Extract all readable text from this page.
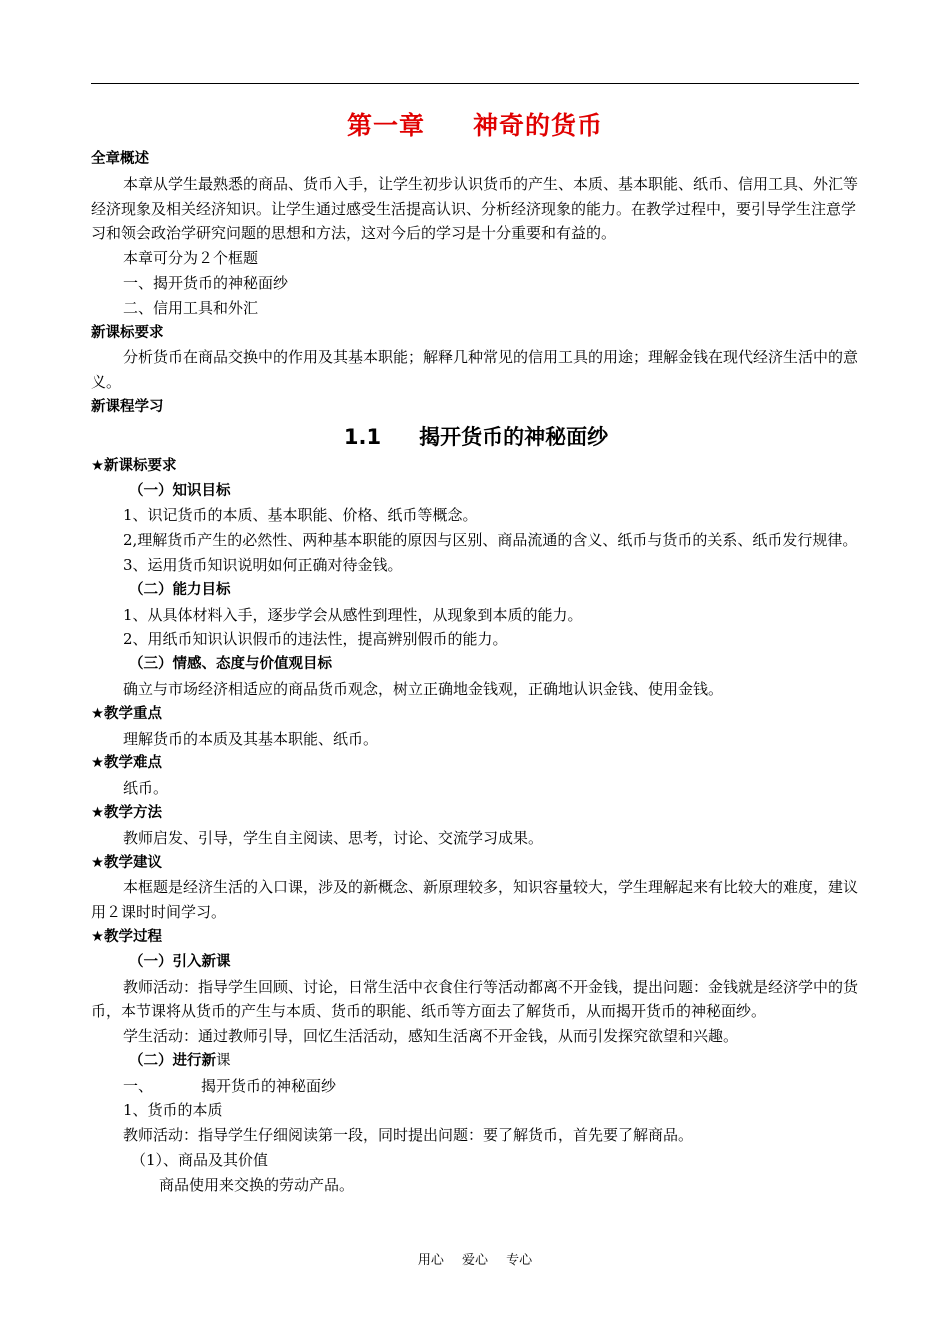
第一章 神奇的货币

全章概述

本章从学生最熟悉的商品、货币入手，让学生初步认识货币的产生、本质、基本职能、纸币、信用工具、外汇等经济现象及相关经济知识。让学生通过感受生活提高认识、分析经济现象的能力。在教学过程中，要引导学生注意学习和领会政治学研究问题的思想和方法，这对今后的学习是十分重要和有益的。

本章可分为２个框题

一、揭开货币的神秘面纱

二、信用工具和外汇

新课标要求

分析货币在商品交换中的作用及其基本职能；解释几种常见的信用工具的用途；理解金钱在现代经济生活中的意义。

新课程学习

1.1 揭开货币的神秘面纱

★新课标要求

（一）知识目标

1、识记货币的本质、基本职能、价格、纸币等概念。

2,理解货币产生的必然性、两种基本职能的原因与区别、商品流通的含义、纸币与货币的关系、纸币发行规律。

3、运用货币知识说明如何正确对待金钱。

（二）能力目标

1、从具体材料入手，逐步学会从感性到理性，从现象到本质的能力。

2、用纸币知识认识假币的违法性，提高辨别假币的能力。

（三）情感、态度与价值观目标

确立与市场经济相适应的商品货币观念，树立正确地金钱观，正确地认识金钱、使用金钱。

★教学重点

理解货币的本质及其基本职能、纸币。

★教学难点

纸币。

★教学方法

教师启发、引导，学生自主阅读、思考，讨论、交流学习成果。

★教学建议

本框题是经济生活的入口课，涉及的新概念、新原理较多，知识容量较大，学生理解起来有比较大的难度，建议用２课时时间学习。

★教学过程

（一）引入新课

教师活动：指导学生回顾、讨论，日常生活中衣食住行等活动都离不开金钱，提出问题：金钱就是经济学中的货币，本节课将从货币的产生与本质、货币的职能、纸币等方面去了解货币，从而揭开货币的神秘面纱。

学生活动：通过教师引导，回忆生活活动，感知生活离不开金钱，从而引发探究欲望和兴趣。

（二）进行新课

一、	揭开货币的神秘面纱

1、货币的本质

教师活动：指导学生仔细阅读第一段，同时提出问题：要了解货币，首先要了解商品。

（1）、商品及其价值

商品使用来交换的劳动产品。

用心 爱心 专心
